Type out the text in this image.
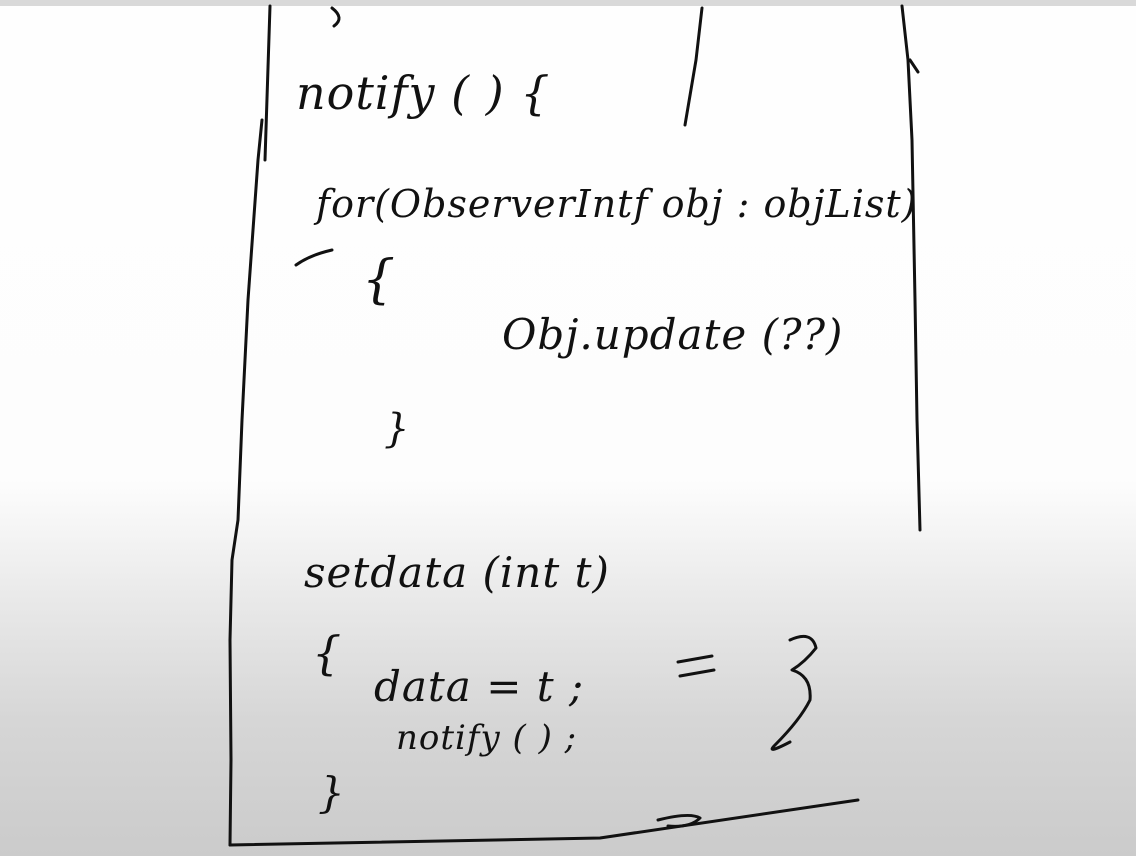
notify ( ) {
for(ObserverIntf obj : objList)
{
Obj.update (??)
}
setdata (int t)
{
data = t ;
notify ( ) ;
}
